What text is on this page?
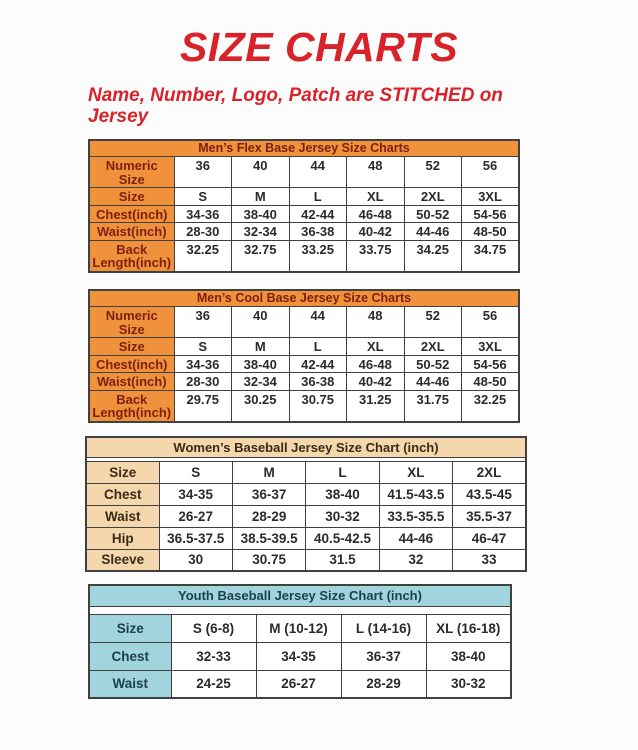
SIZE CHARTS

Name, Number, Logo, Patch are STITCHED on Jersey

Men’s Flex Base Jersey Size Charts						
Numeric Size	36	40	44	48	52	56
Size	S	M	L	XL	2XL	3XL
Chest(inch)	34-36	38-40	42-44	46-48	50-52	54-56
Waist(inch)	28-30	32-34	36-38	40-42	44-46	48-50
Back Length(inch)	32.25	32.75	33.25	33.75	34.25	34.75
Men’s Cool Base Jersey Size Charts						
Numeric Size	36	40	44	48	52	56
Size	S	M	L	XL	2XL	3XL
Chest(inch)	34-36	38-40	42-44	46-48	50-52	54-56
Waist(inch)	28-30	32-34	36-38	40-42	44-46	48-50
Back Length(inch)	29.75	30.25	30.75	31.25	31.75	32.25
Women’s Baseball Jersey Size Chart (inch)					

Size	S	M	L	XL	2XL
Chest	34-35	36-37	38-40	41.5-43.5	43.5-45
Waist	26-27	28-29	30-32	33.5-35.5	35.5-37
Hip	36.5-37.5	38.5-39.5	40.5-42.5	44-46	46-47
Sleeve	30	30.75	31.5	32	33
Youth Baseball Jersey Size Chart (inch)				

Size	S (6-8)	M (10-12)	L (14-16)	XL (16-18)
Chest	32-33	34-35	36-37	38-40
Waist	24-25	26-27	28-29	30-32
